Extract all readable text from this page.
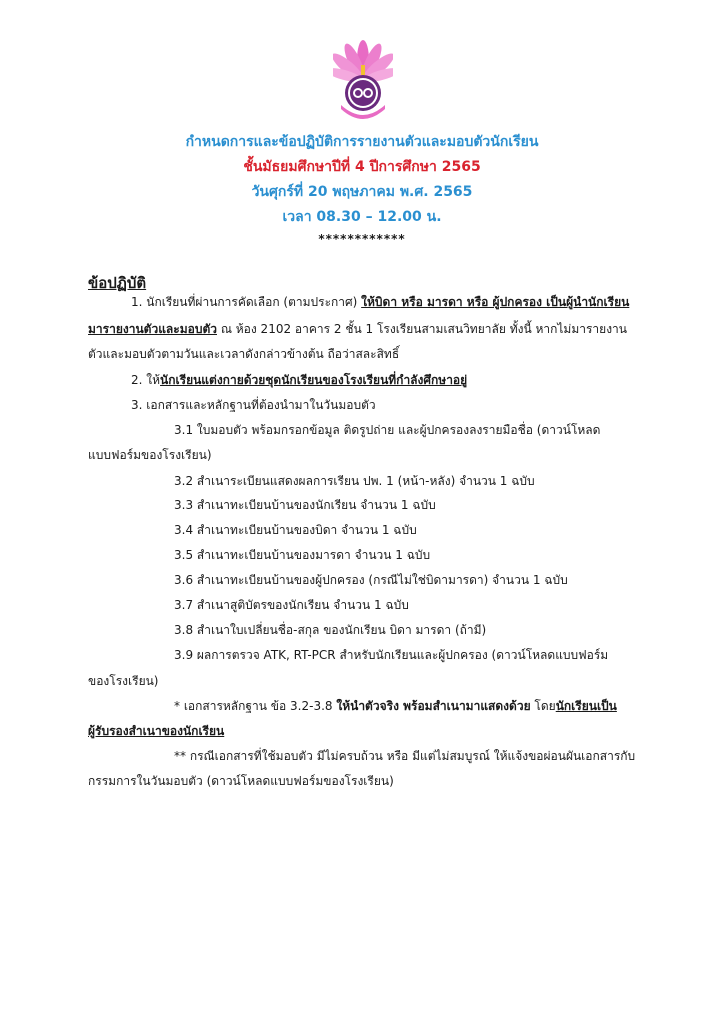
กำหนดการและข้อปฏิบัติการรายงานตัวและมอบตัวนักเรียน
ชั้นมัธยมศึกษาปีที่ 4 ปีการศึกษา 2565
วันศุกร์ที่ 20 พฤษภาคม พ.ศ. 2565
เวลา 08.30 – 12.00 น.
************
ข้อปฏิบัติ
1. นักเรียนที่ผ่านการคัดเลือก (ตามประกาศ) ให้บิดา หรือ มารดา หรือ ผู้ปกครอง เป็นผู้นำนักเรียน
มารายงานตัวและมอบตัว ณ ห้อง 2102 อาคาร 2 ชั้น 1 โรงเรียนสามเสนวิทยาลัย ทั้งนี้ หากไม่มารายงาน
ตัวและมอบตัวตามวันและเวลาดังกล่าวข้างต้น ถือว่าสละสิทธิ์
2. ให้นักเรียนแต่งกายด้วยชุดนักเรียนของโรงเรียนที่กำลังศึกษาอยู่
3. เอกสารและหลักฐานที่ต้องนำมาในวันมอบตัว
3.1 ใบมอบตัว พร้อมกรอกข้อมูล ติดรูปถ่าย และผู้ปกครองลงรายมือชื่อ (ดาวน์โหลด
แบบฟอร์มของโรงเรียน)
3.2 สำเนาระเบียนแสดงผลการเรียน ปพ. 1 (หน้า-หลัง) จำนวน 1 ฉบับ
3.3 สำเนาทะเบียนบ้านของนักเรียน จำนวน 1 ฉบับ
3.4 สำเนาทะเบียนบ้านของบิดา จำนวน 1 ฉบับ
3.5 สำเนาทะเบียนบ้านของมารดา จำนวน 1 ฉบับ
3.6 สำเนาทะเบียนบ้านของผู้ปกครอง (กรณีไม่ใช่บิดามารดา) จำนวน 1 ฉบับ
3.7 สำเนาสูติบัตรของนักเรียน จำนวน 1 ฉบับ
3.8 สำเนาใบเปลี่ยนชื่อ-สกุล ของนักเรียน บิดา มารดา (ถ้ามี)
3.9 ผลการตรวจ ATK, RT-PCR สำหรับนักเรียนและผู้ปกครอง (ดาวน์โหลดแบบฟอร์ม
ของโรงเรียน)
* เอกสารหลักฐาน ข้อ 3.2-3.8 ให้นำตัวจริง พร้อมสำเนามาแสดงด้วย โดยนักเรียนเป็น
ผู้รับรองสำเนาของนักเรียน
** กรณีเอกสารที่ใช้มอบตัว มีไม่ครบถ้วน หรือ มีแต่ไม่สมบูรณ์ ให้แจ้งขอผ่อนผันเอกสารกับ
กรรมการในวันมอบตัว (ดาวน์โหลดแบบฟอร์มของโรงเรียน)
